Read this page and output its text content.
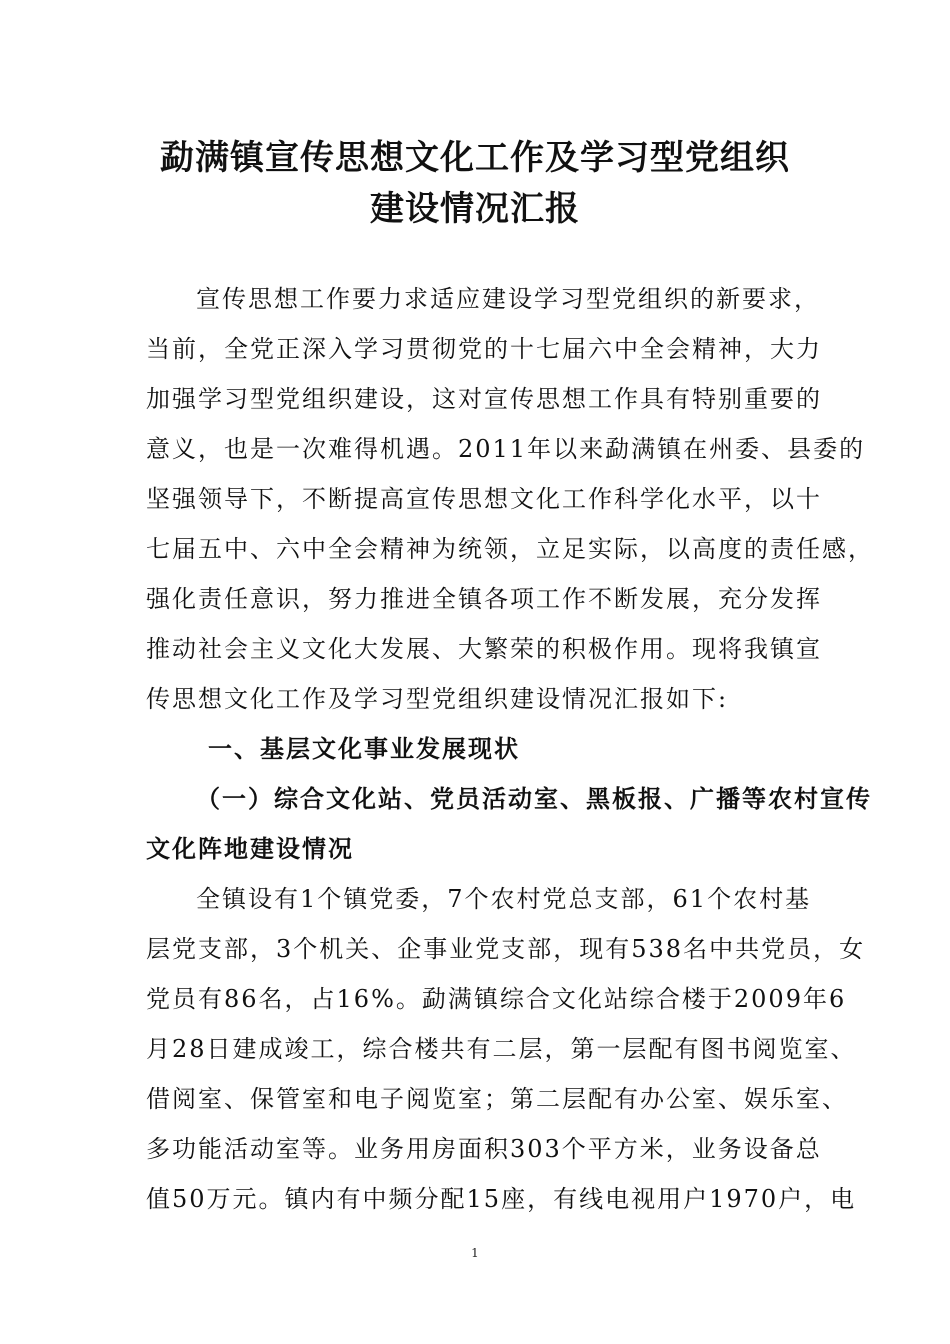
勐满镇宣传思想文化工作及学习型党组织
建设情况汇报
宣传思想工作要力求适应建设学习型党组织的新要求，
当前，全党正深入学习贯彻党的十七届六中全会精神，大力
加强学习型党组织建设，这对宣传思想工作具有特别重要的
意义，也是一次难得机遇。2011年以来勐满镇在州委、县委的
坚强领导下，不断提高宣传思想文化工作科学化水平，以十
七届五中、六中全会精神为统领，立足实际，以高度的责任感，
强化责任意识，努力推进全镇各项工作不断发展，充分发挥
推动社会主义文化大发展、大繁荣的积极作用。现将我镇宣
传思想文化工作及学习型党组织建设情况汇报如下:
一、基层文化事业发展现状
（一）综合文化站、党员活动室、黑板报、广播等农村宣传
文化阵地建设情况
全镇设有1个镇党委，7个农村党总支部，61个农村基
层党支部，3个机关、企事业党支部，现有538名中共党员，女
党员有86名，占16%。勐满镇综合文化站综合楼于2009年6
月28日建成竣工，综合楼共有二层，第一层配有图书阅览室、
借阅室、保管室和电子阅览室；第二层配有办公室、娱乐室、
多功能活动室等。业务用房面积303个平方米，业务设备总
值50万元。镇内有中频分配15座，有线电视用户1970户，电
1
